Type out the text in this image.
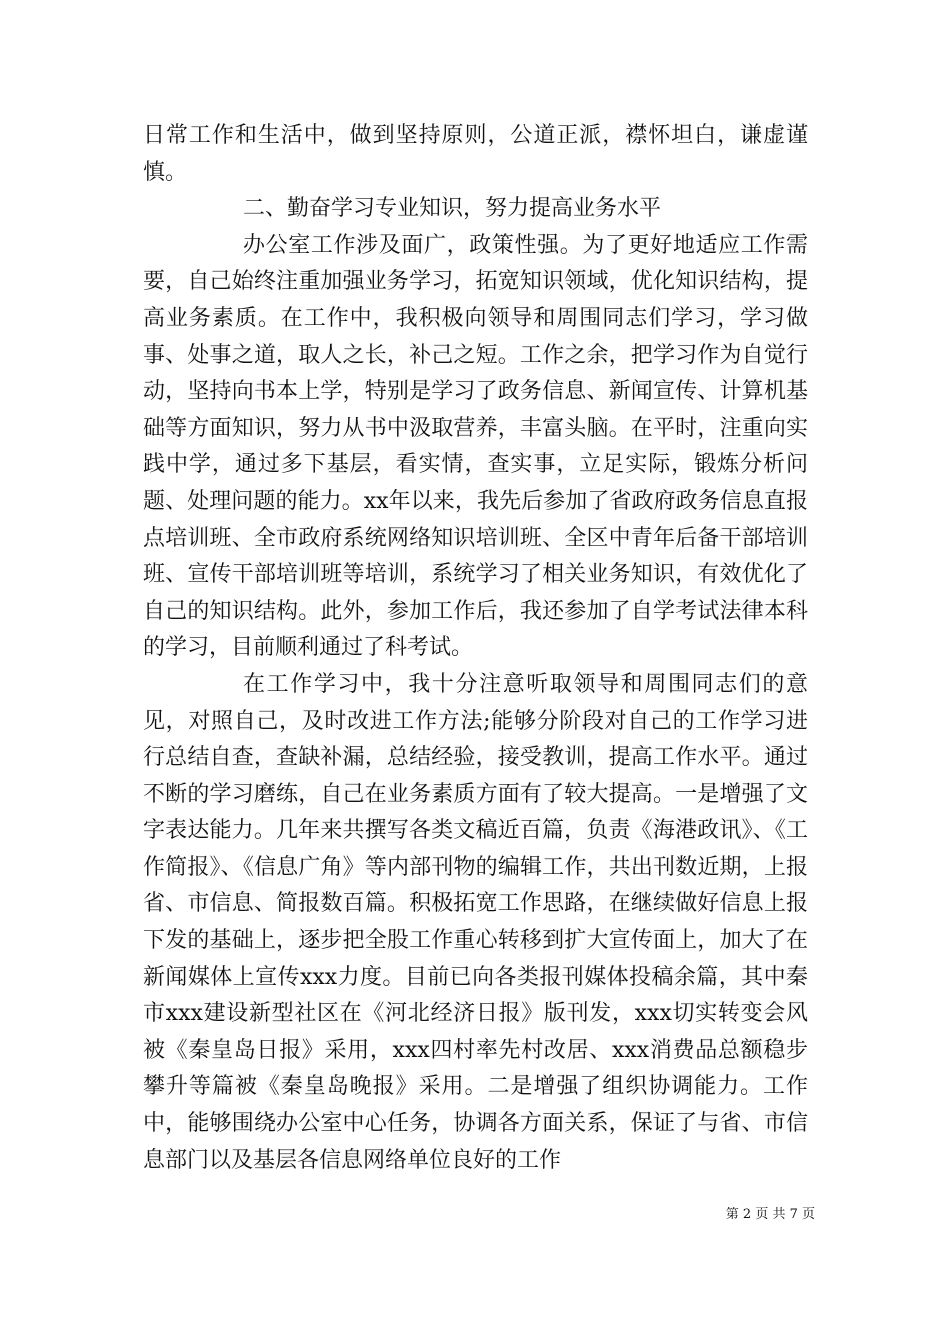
日常工作和生活中，做到坚持原则，公道正派，襟怀坦白，谦虚谨慎。

二、勤奋学习专业知识，努力提高业务水平

办公室工作涉及面广，政策性强。为了更好地适应工作需要，自己始终注重加强业务学习，拓宽知识领域，优化知识结构，提高业务素质。在工作中，我积极向领导和周围同志们学习，学习做事、处事之道，取人之长，补己之短。工作之余，把学习作为自觉行动，坚持向书本上学，特别是学习了政务信息、新闻宣传、计算机基础等方面知识，努力从书中汲取营养，丰富头脑。在平时，注重向实践中学，通过多下基层，看实情，查实事，立足实际，锻炼分析问题、处理问题的能力。xx年以来，我先后参加了省政府政务信息直报点培训班、全市政府系统网络知识培训班、全区中青年后备干部培训班、宣传干部培训班等培训，系统学习了相关业务知识，有效优化了自己的知识结构。此外，参加工作后，我还参加了自学考试法律本科的学习，目前顺利通过了科考试。

在工作学习中，我十分注意听取领导和周围同志们的意见，对照自己，及时改进工作方法;能够分阶段对自己的工作学习进行总结自查，查缺补漏，总结经验，接受教训，提高工作水平。通过不断的学习磨练，自己在业务素质方面有了较大提高。一是增强了文字表达能力。几年来共撰写各类文稿近百篇，负责《海港政讯》、《工作简报》、《信息广角》等内部刊物的编辑工作，共出刊数近期，上报省、市信息、简报数百篇。积极拓宽工作思路，在继续做好信息上报下发的基础上，逐步把全股工作重心转移到扩大宣传面上，加大了在新闻媒体上宣传xxx力度。目前已向各类报刊媒体投稿余篇，其中秦市xxx建设新型社区在《河北经济日报》版刊发，xxx切实转变会风被《秦皇岛日报》采用，xxx四村率先村改居、xxx消费品总额稳步攀升等篇被《秦皇岛晚报》采用。二是增强了组织协调能力。工作中，能够围绕办公室中心任务，协调各方面关系，保证了与省、市信息部门以及基层各信息网络单位良好的工作

第 2 页 共 7 页
